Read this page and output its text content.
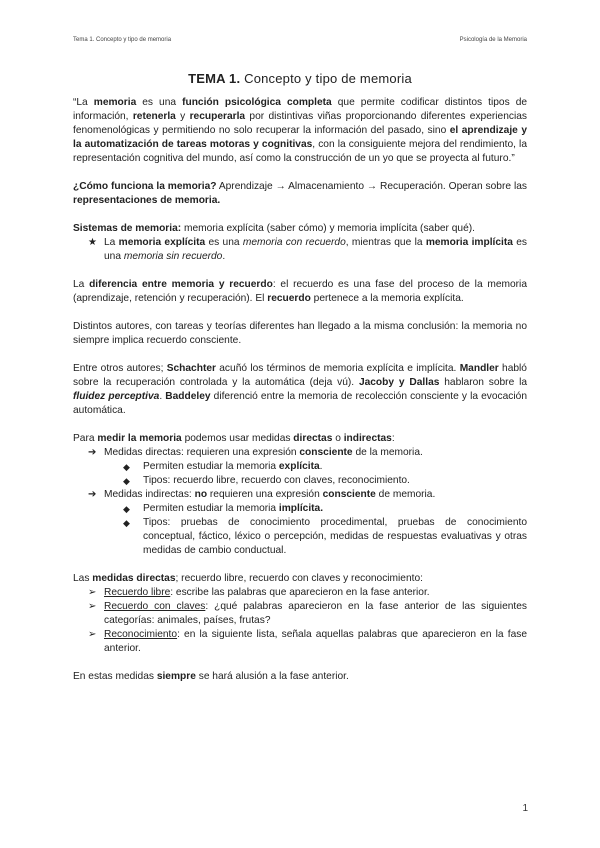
Tema 1. Concepto y tipo de memoria	Psicología de la Memoria
TEMA 1. Concepto y tipo de memoria

“La memoria es una función psicológica completa que permite codificar distintos tipos de información, retenerla y recuperarla por distintivas viñas proporcionando diferentes experiencias fenomenológicas y permitiendo no solo recuperar la información del pasado, sino el aprendizaje y la automatización de tareas motoras y cognitivas, con la consiguiente mejora del rendimiento, la representación cognitiva del mundo, así como la construcción de un yo que se proyecta al futuro.”

¿Cómo funciona la memoria? Aprendizaje → Almacenamiento → Recuperación. Operan sobre las representaciones de memoria.

Sistemas de memoria: memoria explícita (saber cómo) y memoria implícita (saber qué).

★ La memoria explícita es una memoria con recuerdo, mientras que la memoria implícita es una memoria sin recuerdo.

La diferencia entre memoria y recuerdo: el recuerdo es una fase del proceso de la memoria (aprendizaje, retención y recuperación). El recuerdo pertenece a la memoria explícita.

Distintos autores, con tareas y teorías diferentes han llegado a la misma conclusión: la memoria no siempre implica recuerdo consciente.

Entre otros autores; Schachter acuñó los términos de memoria explícita e implícita. Mandler habló sobre la recuperación controlada y la automática (deja vú). Jacoby y Dallas hablaron sobre la fluidez perceptiva. Baddeley diferenció entre la memoria de recolección consciente y la evocación automática.

Para medir la memoria podemos usar medidas directas o indirectas:

➔ Medidas directas: requieren una expresión consciente de la memoria.
◆	Permiten estudiar la memoria explícita.
◆	Tipos: recuerdo libre, recuerdo con claves, reconocimiento.
➔ Medidas indirectas: no requieren una expresión consciente de memoria.
◆	Permiten estudiar la memoria implícita.
◆	Tipos: pruebas de conocimiento procedimental, pruebas de conocimiento conceptual, fáctico, léxico o percepción, medidas de respuestas evaluativas y otras medidas de cambio conductual.

Las medidas directas; recuerdo libre, recuerdo con claves y reconocimiento:

➢ Recuerdo libre: escribe las palabras que aparecieron en la fase anterior.
➢ Recuerdo con claves: ¿qué palabras aparecieron en la fase anterior de las siguientes categorías: animales, países, frutas?
➢ Reconocimiento: en la siguiente lista, señala aquellas palabras que aparecieron en la fase anterior.

En estas medidas siempre se hará alusión a la fase anterior.

1
